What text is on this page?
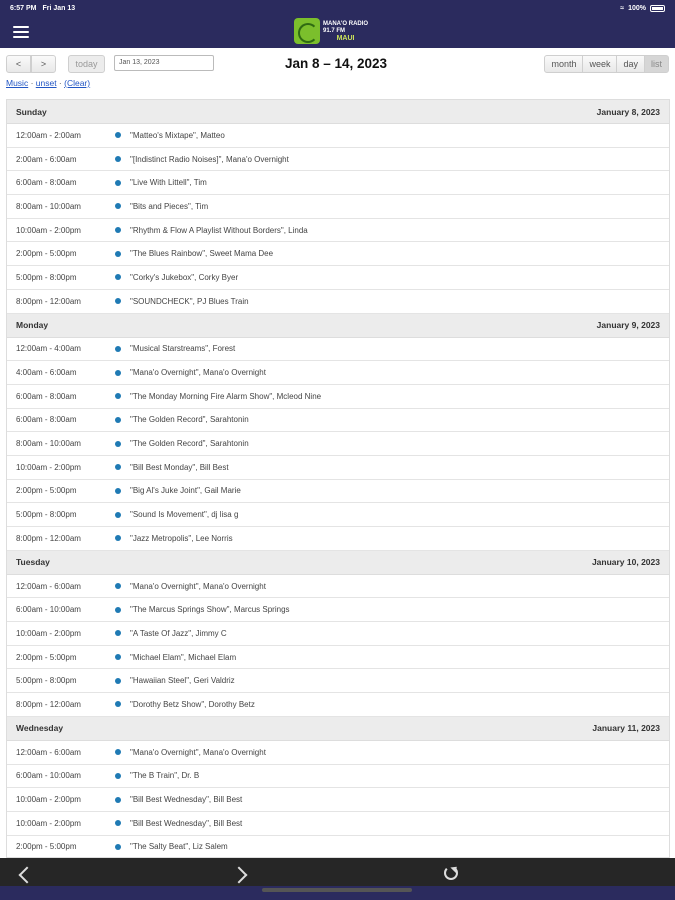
6:57 PM Fri Jan 13	≈ 100%
MANA'O RADIO
91.7 FM
MAUI
<	>	today	Jan 13, 2023	Jan 8 – 14, 2023	month	week	day	list
Music · unset · (Clear)
Sunday	January 8, 2023
12:00am - 2:00am	"Matteo's Mixtape", Matteo
2:00am - 6:00am	"[Indistinct Radio Noises]", Mana'o Overnight
6:00am - 8:00am	"Live With Littell", Tim
8:00am - 10:00am	"Bits and Pieces", Tim
10:00am - 2:00pm	"Rhythm & Flow A Playlist Without Borders", Linda
2:00pm - 5:00pm	"The Blues Rainbow", Sweet Mama Dee
5:00pm - 8:00pm	"Corky's Jukebox", Corky Byer
8:00pm - 12:00am	"SOUNDCHECK", PJ Blues Train
Monday	January 9, 2023
12:00am - 4:00am	"Musical Starstreams", Forest
4:00am - 6:00am	"Mana'o Overnight", Mana'o Overnight
6:00am - 8:00am	"The Monday Morning Fire Alarm Show", Mcleod Nine
6:00am - 8:00am	"The Golden Record", Sarahtonin
8:00am - 10:00am	"The Golden Record", Sarahtonin
10:00am - 2:00pm	"Bill Best Monday", Bill Best
2:00pm - 5:00pm	"Big Al's Juke Joint", Gail Marie
5:00pm - 8:00pm	"Sound Is Movement", dj lisa g
8:00pm - 12:00am	"Jazz Metropolis", Lee Norris
Tuesday	January 10, 2023
12:00am - 6:00am	"Mana'o Overnight", Mana'o Overnight
6:00am - 10:00am	"The Marcus Springs Show", Marcus Springs
10:00am - 2:00pm	"A Taste Of Jazz", Jimmy C
2:00pm - 5:00pm	"Michael Elam", Michael Elam
5:00pm - 8:00pm	"Hawaiian Steel", Geri Valdriz
8:00pm - 12:00am	"Dorothy Betz Show", Dorothy Betz
Wednesday	January 11, 2023
12:00am - 6:00am	"Mana'o Overnight", Mana'o Overnight
6:00am - 10:00am	"The B Train", Dr. B
10:00am - 2:00pm	"Bill Best Wednesday", Bill Best
10:00am - 2:00pm	"Bill Best Wednesday", Bill Best
2:00pm - 5:00pm	"The Salty Beat", Liz Salem
